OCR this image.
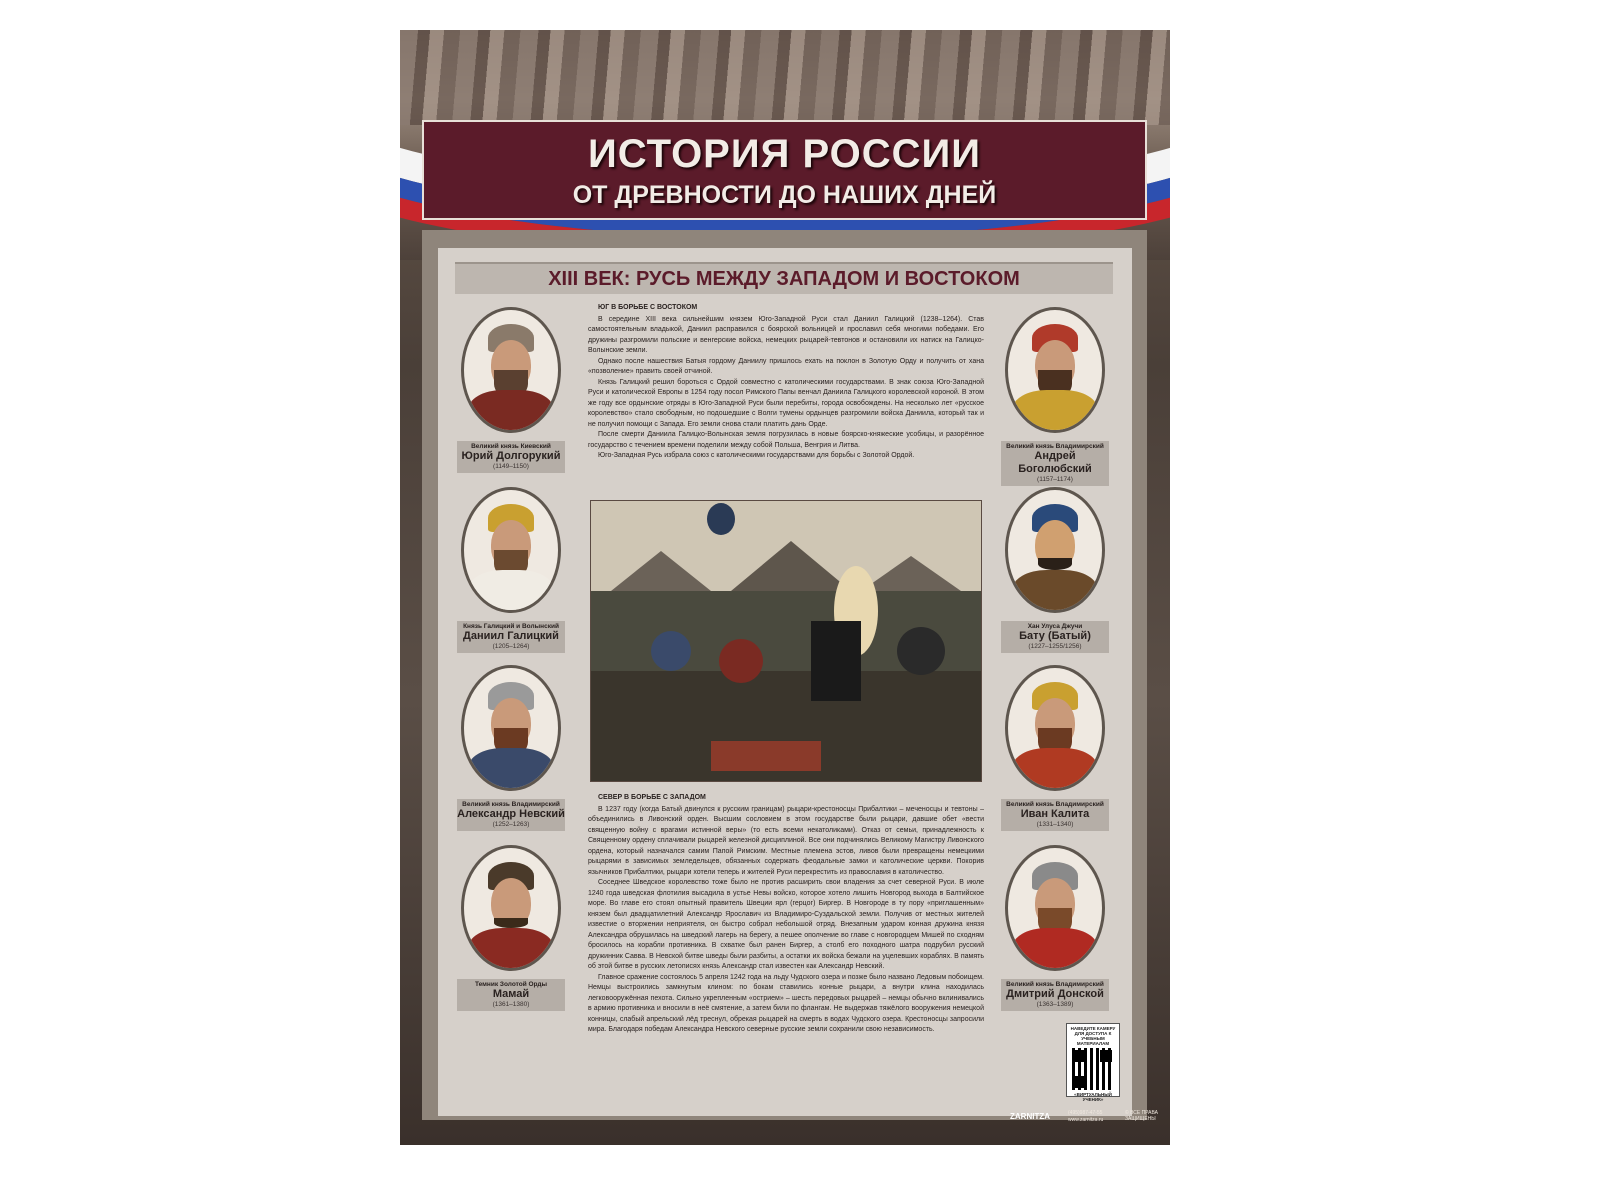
ИСТОРИЯ РОССИИ
ОТ ДРЕВНОСТИ ДО НАШИХ ДНЕЙ
XIII ВЕК: РУСЬ МЕЖДУ ЗАПАДОМ И ВОСТОКОМ
ЮГ В БОРЬБЕ С ВОСТОКОМ

В середине XIII века сильнейшим князем Юго-Западной Руси стал Даниил Галицкий (1238–1264). Став самостоятельным владыкой, Даниил расправился с боярской вольницей и прославил себя многими победами. Его дружины разгромили польские и венгерские войска, немецких рыцарей-тевтонов и остановили их натиск на Галицко-Волынские земли.

Однако после нашествия Батыя гордому Даниилу пришлось ехать на поклон в Золотую Орду и получить от хана «позволение» править своей отчиной.

Князь Галицкий решил бороться с Ордой совместно с католическими государствами. В знак союза Юго-Западной Руси и католической Европы в 1254 году посол Римского Папы венчал Даниила Галицкого королевской короной. В этом же году все ордынские отряды в Юго-Западной Руси были перебиты, города освобождены. На несколько лет «русское королевство» стало свободным, но подошедшие с Волги тумены ордынцев разгромили войска Даниила, который так и не получил помощи с Запада. Его земли снова стали платить дань Орде.

После смерти Даниила Галицко-Волынская земля погрузилась в новые боярско-княжеские усобицы, и разорённое государство с течением времени поделили между собой Польша, Венгрия и Литва.

Юго-Западная Русь избрала союз с католическими государствами для борьбы с Золотой Ордой.

СЕВЕР В БОРЬБЕ С ЗАПАДОМ

В 1237 году (когда Батый двинулся к русским границам) рыцари-крестоносцы Прибалтики – меченосцы и тевтоны – объединились в Ливонский орден. Высшим сословием в этом государстве были рыцари, давшие обет «вести священную войну с врагами истинной веры» (то есть всеми некатоликами). Отказ от семьи, принадлежность к Священному ордену сплачивали рыцарей железной дисциплиной. Все они подчинялись Великому Магистру Ливонского ордена, который назначался самим Папой Римским. Местные племена эстов, ливов были превращены немецкими рыцарями в зависимых земледельцев, обязанных содержать феодальные замки и католические церкви. Покорив язычников Прибалтики, рыцари хотели теперь и жителей Руси перекрестить из православия в католичество.

Соседнее Шведское королевство тоже было не против расширить свои владения за счет северной Руси. В июле 1240 года шведская флотилия высадила в устье Невы войско, которое хотело лишить Новгород выхода в Балтийское море. Во главе его стоял опытный правитель Швеции ярл (герцог) Биргер. В Новгороде в ту пору «приглашенным» князем был двадцатилетний Александр Ярославич из Владимиро-Суздальской земли. Получив от местных жителей известие о вторжении неприятеля, он быстро собрал небольшой отряд. Внезапным ударом конная дружина князя Александра обрушилась на шведский лагерь на берегу, а пешее ополчение во главе с новгородцем Мишей по сходням бросилось на корабли противника. В схватке был ранен Биргер, а столб его походного шатра подрубил русский дружинник Савва. В Невской битве шведы были разбиты, а остатки их войска бежали на уцелевших кораблях. В память об этой битве в русских летописях князь Александр стал известен как Александр Невский.

Главное сражение состоялось 5 апреля 1242 года на льду Чудского озера и позже было названо Ледовым побоищем. Немцы выстроились замкнутым клином: по бокам ставились конные рыцари, а внутри клина находилась легковооружённая пехота. Сильно укрепленным «острием» – шесть передовых рыцарей – немцы обычно вклинивались в армию противника и вносили в неё смятение, а затем били по флангам. Не выдержав тяжёлого вооружения немецкой конницы, слабый апрельский лёд треснул, обрекая рыцарей на смерть в водах Чудского озера. Крестоносцы запросили мира. Благодаря победам Александра Невского северные русские земли сохранили свою независимость.

Великий князь Киевский
Юрий Долгорукий
(1149–1150)
Князь Галицкий и Волынский
Даниил Галицкий
(1205–1264)
Великий князь Владимирский
Александр Невский
(1252–1263)
Темник Золотой Орды
Мамай
(1361–1380)
Великий князь Владимирский
Андрей Боголюбский
(1157–1174)
Хан Улуса Джучи
Бату (Батый)
(1227–1255/1256)
Великий князь Владимирский
Иван Калита
(1331–1340)
Великий князь Владимирский
Дмитрий Донской
(1363–1389)
НАВЕДИТЕ КАМЕРУ ДЛЯ ДОСТУПА К УЧЕБНЫМ МАТЕРИАЛАМ
«ВИРТУАЛЬНЫЙ УЧЕНИК»
ZARNITZA	(495)987-47-55
www.zarnitza.ru
© ВСЕ ПРАВА ЗАЩИЩЕНЫ
